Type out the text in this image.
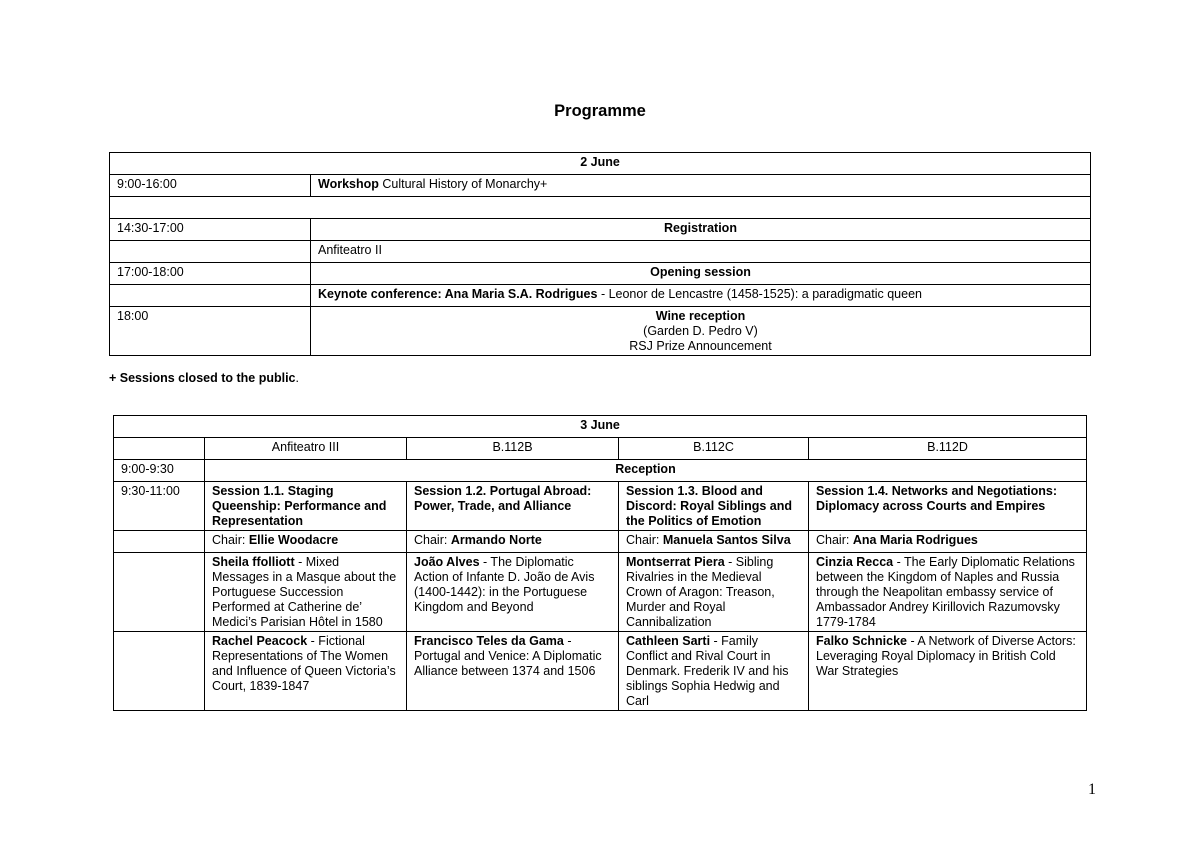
Programme
2 June	
9:00-16:00	Workshop Cultural History of Monarchy+

14:30-17:00	Registration
	Anfiteatro II
17:00-18:00	Opening session
	Keynote conference: Ana Maria S.A. Rodrigues - Leonor de Lencastre (1458-1525): a paradigmatic queen
18:00	Wine reception
(Garden D. Pedro V)
RSJ Prize Announcement
+ Sessions closed to the public.
3 June				
	Anfiteatro III	B.112B	B.112C	B.112D
9:00-9:30	Reception			
9:30-11:00	Session 1.1. Staging Queenship: Performance and Representation	Session 1.2. Portugal Abroad: Power, Trade, and Alliance	Session 1.3. Blood and Discord: Royal Siblings and the Politics of Emotion	Session 1.4. Networks and Negotiations: Diplomacy across Courts and Empires
	Chair: Ellie Woodacre	Chair: Armando Norte	Chair: Manuela Santos Silva	Chair: Ana Maria Rodrigues
	Sheila ffolliott - Mixed Messages in a Masque about the Portuguese Succession Performed at Catherine de’ Medici’s Parisian Hôtel in 1580	João Alves - The Diplomatic Action of Infante D. João de Avis (1400-1442): in the Portuguese Kingdom and Beyond	Montserrat Piera - Sibling Rivalries in the Medieval Crown of Aragon: Treason, Murder and Royal Cannibalization	Cinzia Recca - The Early Diplomatic Relations between the Kingdom of Naples and Russia through the Neapolitan embassy service of Ambassador Andrey Kirillovich Razumovsky 1779-1784
	Rachel Peacock - Fictional Representations of The Women and Influence of Queen Victoria’s Court, 1839-1847	Francisco Teles da Gama - Portugal and Venice: A Diplomatic Alliance between 1374 and 1506	Cathleen Sarti - Family Conflict and Rival Court in Denmark. Frederik IV and his siblings Sophia Hedwig and Carl	Falko Schnicke - A Network of Diverse Actors: Leveraging Royal Diplomacy in British Cold War Strategies
1
